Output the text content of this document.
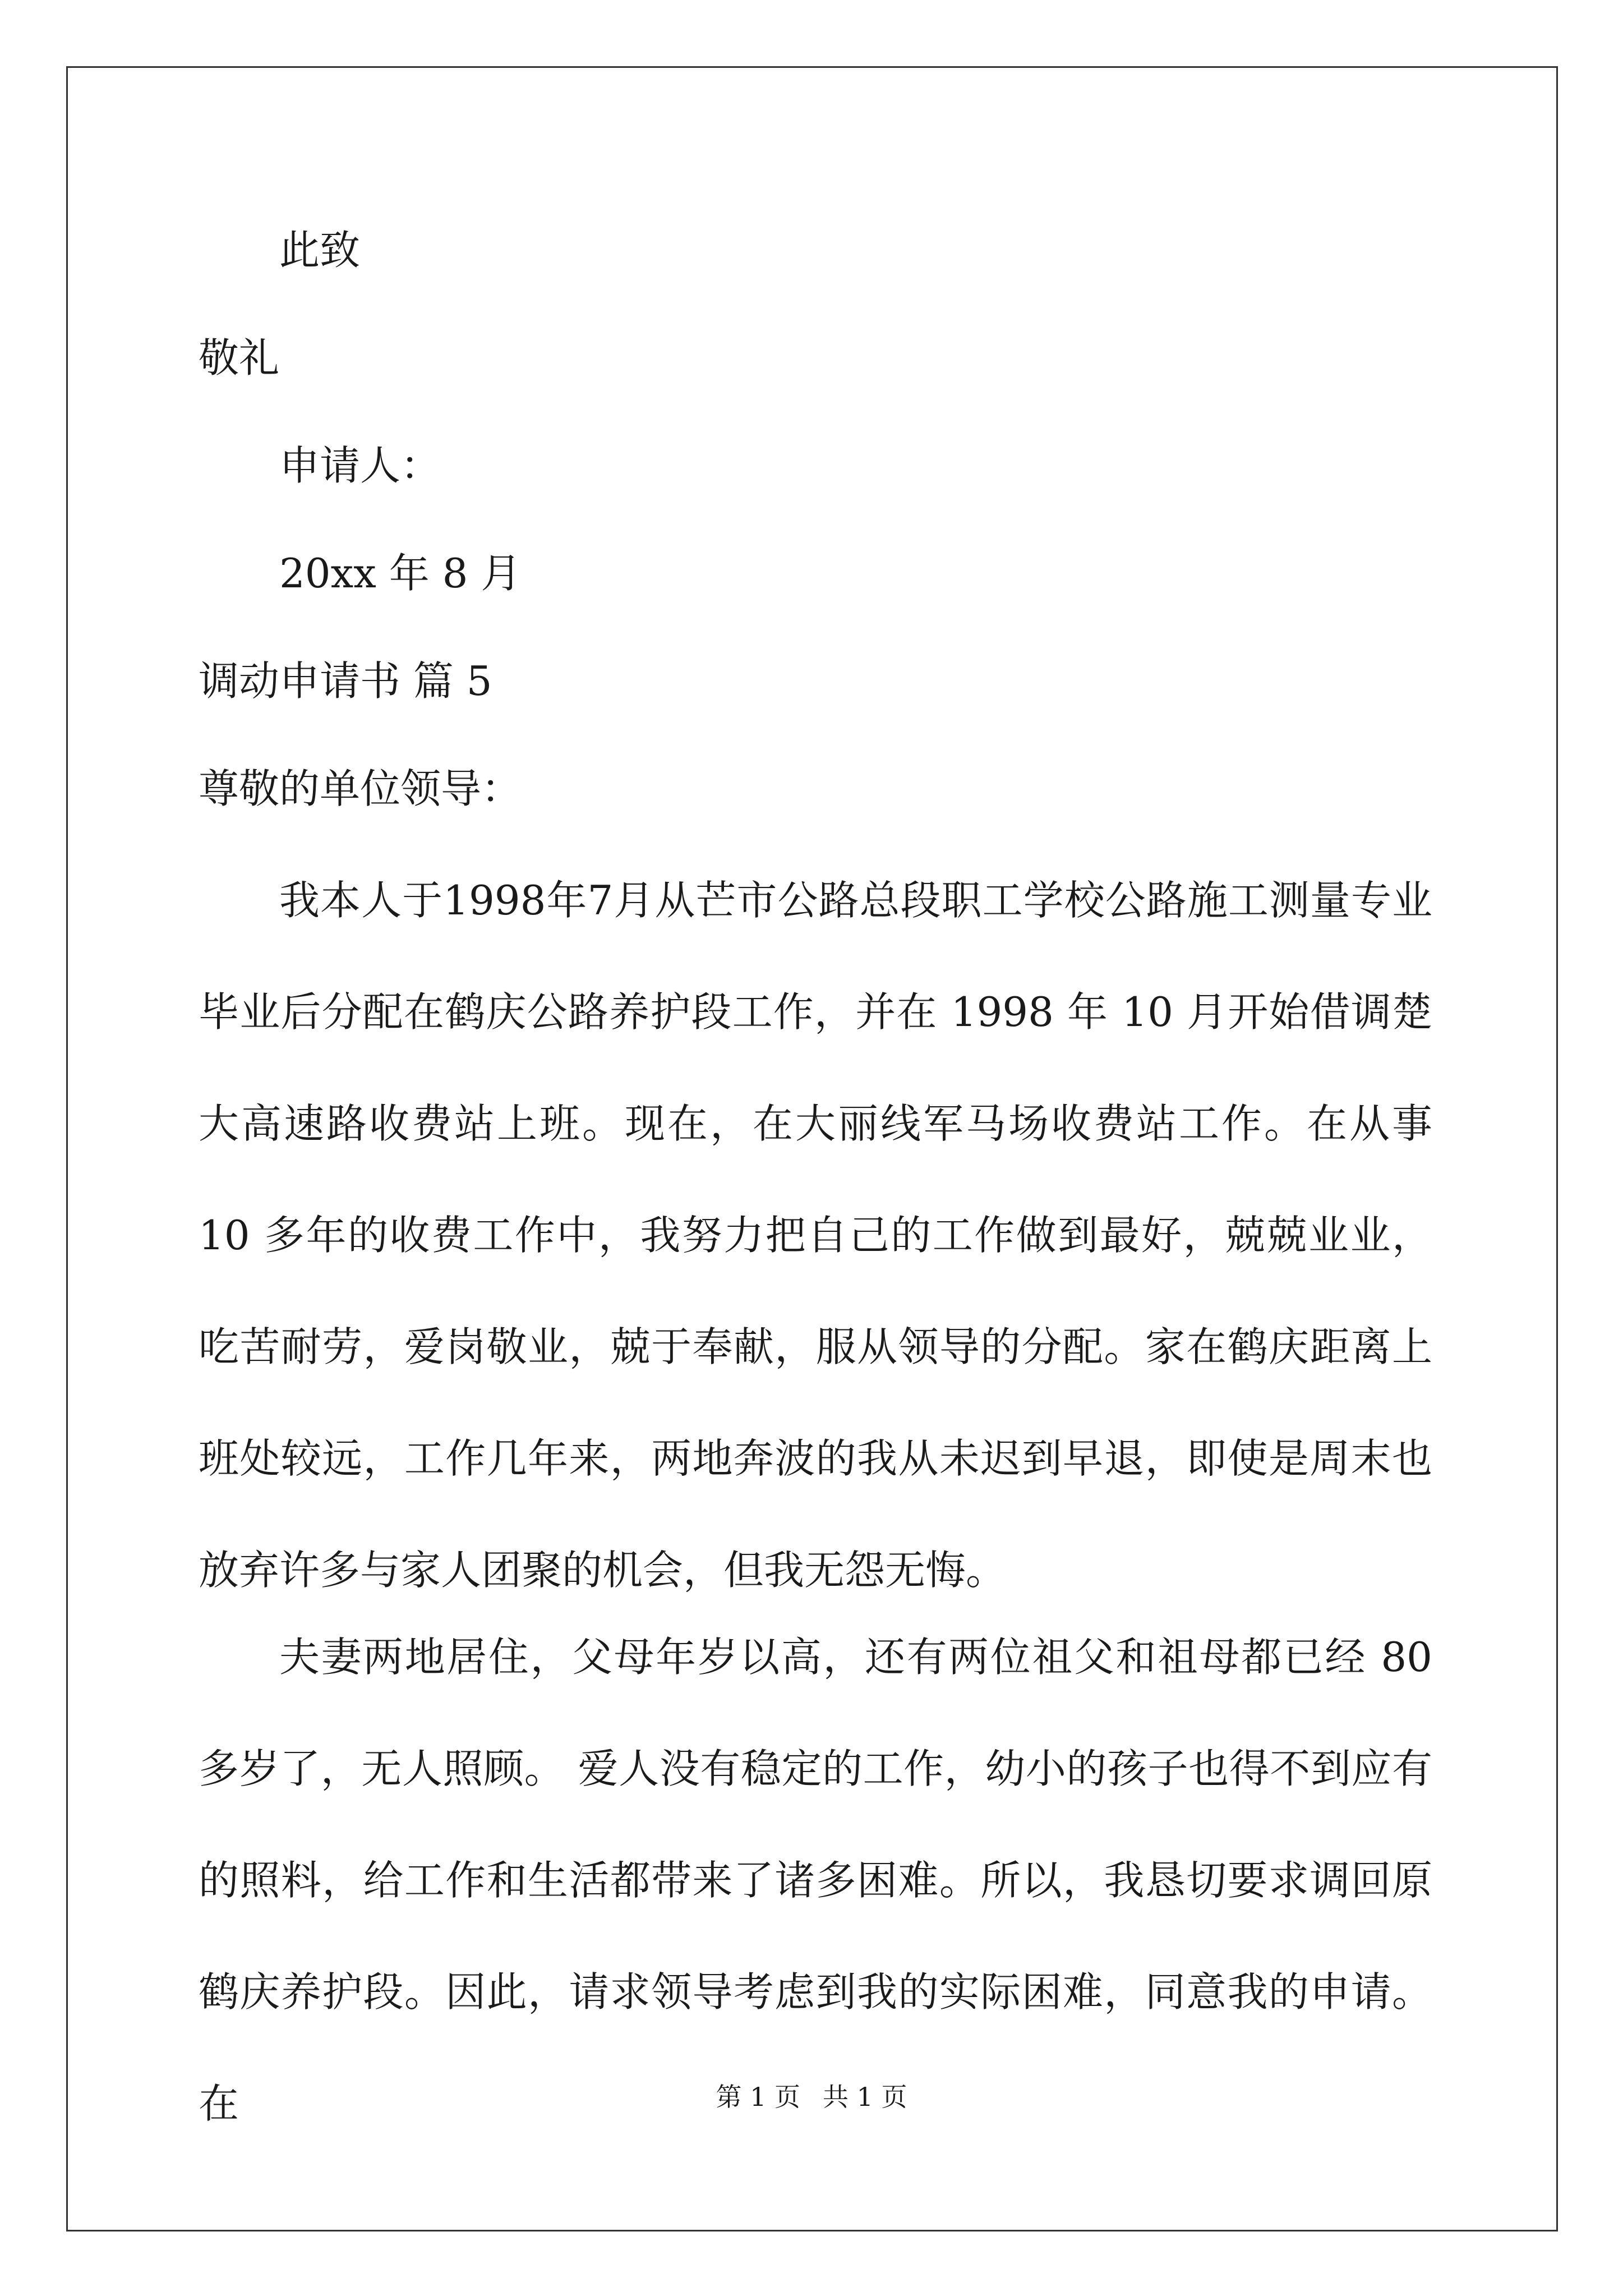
此致
敬礼
申请人：
20xx 年 8 月
调动申请书 篇 5
尊敬的单位领导：
我本人于1998年7月从芒市公路总段职工学校公路施工测量专业毕业后分配在鹤庆公路养护段工作，并在 1998 年 10 月开始借调楚大高速路收费站上班。现在，在大丽线军马场收费站工作。在从事 10 多年的收费工作中，我努力把自己的工作做到最好，兢兢业业，吃苦耐劳，爱岗敬业，兢于奉献，服从领导的分配。家在鹤庆距离上班处较远，工作几年来，两地奔波的我从未迟到早退，即使是周末也放弃许多与家人团聚的机会，但我无怨无悔。
夫妻两地居住，父母年岁以高，还有两位祖父和祖母都已经 80 多岁了，无人照顾。 爱人没有稳定的工作，幼小的孩子也得不到应有的照料，给工作和生活都带来了诸多困难。所以，我恳切要求调回原鹤庆养护段。因此，请求领导考虑到我的实际困难，同意我的申请。在	第 1 页 共 1 页
